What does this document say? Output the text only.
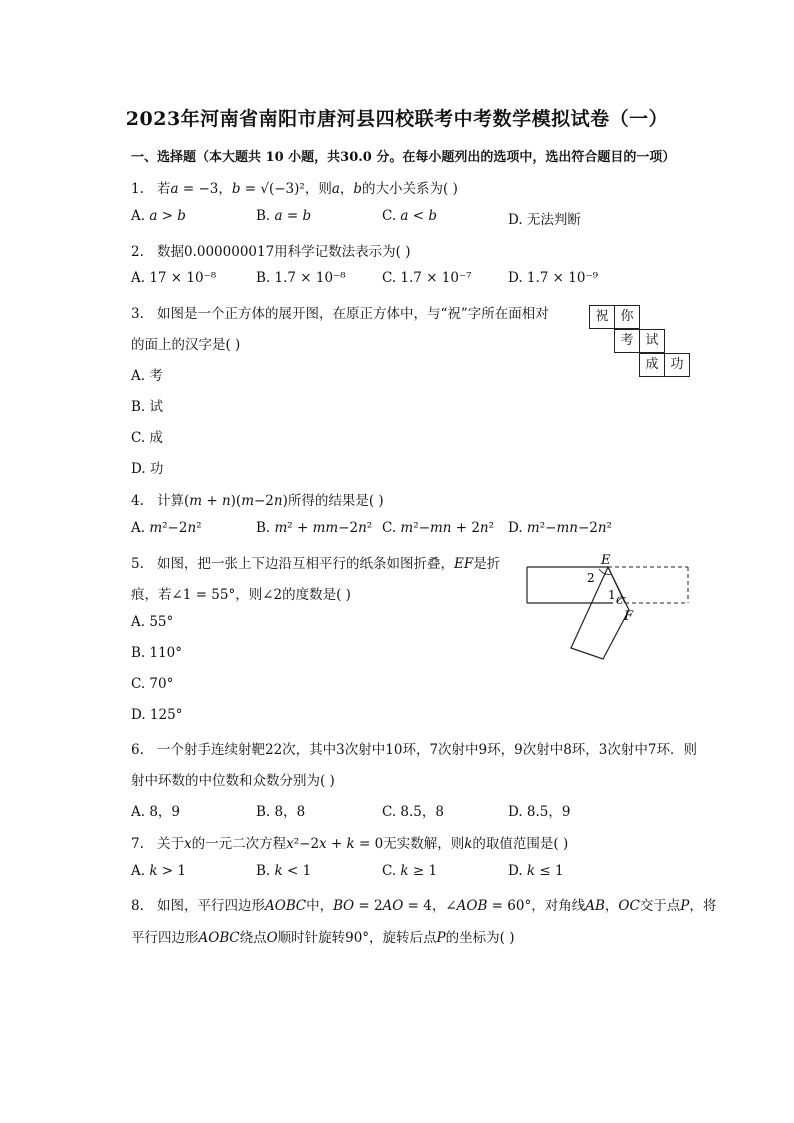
2023年河南省南阳市唐河县四校联考中考数学模拟试卷（一）
一、选择题（本大题共 10 小题，共30.0 分。在每小题列出的选项中，选出符合题目的一项）
1. 若𝑎 = −3，𝑏 = √(−3)²，则𝑎，𝑏的大小关系为( )
A. 𝑎 > 𝑏	B. 𝑎 = 𝑏	C. 𝑎 < 𝑏	D. 无法判断
2. 数据0.000000017用科学记数法表示为( )
A. 17 × 10⁻⁸	B. 1.7 × 10⁻⁸	C. 1.7 × 10⁻⁷	D. 1.7 × 10⁻⁹
3. 如图是一个正方体的展开图，在原正方体中，与“祝”字所在面相对
的面上的汉字是( )
A. 考
B. 试
C. 成
D. 功
祝 你
考 试
成 功
4. 计算(𝑚 + 𝑛)(𝑚−2𝑛)所得的结果是( )
A. 𝑚²−2𝑛²	B. 𝑚² + 𝑚𝑚−2𝑛² C. 𝑚²−𝑚𝑛 + 2𝑛² D. 𝑚²−𝑚𝑛−2𝑛²
5. 如图，把一张上下边沿互相平行的纸条如图折叠，𝐸𝐹是折
痕，若∠1 = 55°，则∠2的度数是( )
A. 55°
B. 110°
C. 70°
D. 125°
E
F
2
1 C
6. 一个射手连续射靶22次，其中3次射中10环，7次射中9环，9次射中8环，3次射中7环．则
射中环数的中位数和众数分别为( )
A. 8，9	B. 8，8	C. 8.5，8	D. 8.5，9
7. 关于𝑥的一元二次方程𝑥²−2𝑥 + 𝑘 = 0无实数解，则𝑘的取值范围是( )
A. 𝑘 > 1	B. 𝑘 < 1	C. 𝑘 ≥ 1	D. 𝑘 ≤ 1
8. 如图，平行四边形𝐴𝑂𝐵𝐶中，𝐵𝑂 = 2𝐴𝑂 = 4，∠𝐴𝑂𝐵 = 60°，对角线𝐴𝐵，𝑂𝐶交于点𝑃，将
平行四边形𝐴𝑂𝐵𝐶绕点𝑂顺时针旋转90°，旋转后点𝑃的坐标为( )
